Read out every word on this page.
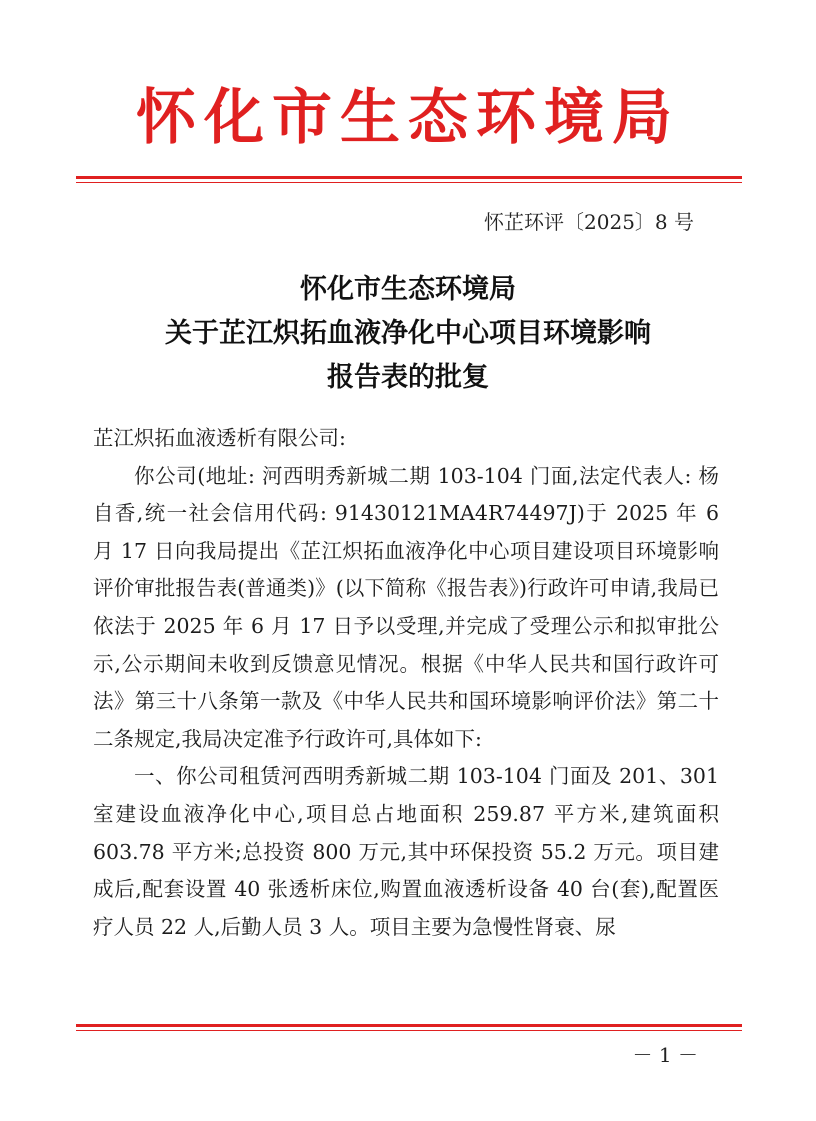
怀化市生态环境局
怀芷环评〔2025〕8 号
怀化市生态环境局
关于芷江炽拓血液净化中心项目环境影响
报告表的批复

芷江炽拓血液透析有限公司:

你公司(地址: 河西明秀新城二期 103-104 门面,法定代表人: 杨自香,统一社会信用代码: 91430121MA4R74497J)于 2025 年 6 月 17 日向我局提出《芷江炽拓血液净化中心项目建设项目环境影响评价审批报告表(普通类)》(以下简称《报告表》)行政许可申请,我局已依法于 2025 年 6 月 17 日予以受理,并完成了受理公示和拟审批公示,公示期间未收到反馈意见情况。根据《中华人民共和国行政许可法》第三十八条第一款及《中华人民共和国环境影响评价法》第二十二条规定,我局决定准予行政许可,具体如下:

一、你公司租赁河西明秀新城二期 103-104 门面及 201、301 室建设血液净化中心,项目总占地面积 259.87 平方米,建筑面积 603.78 平方米;总投资 800 万元,其中环保投资 55.2 万元。项目建成后,配套设置 40 张透析床位,购置血液透析设备 40 台(套),配置医疗人员 22 人,后勤人员 3 人。项目主要为急慢性肾衰、尿

－ 1 －
